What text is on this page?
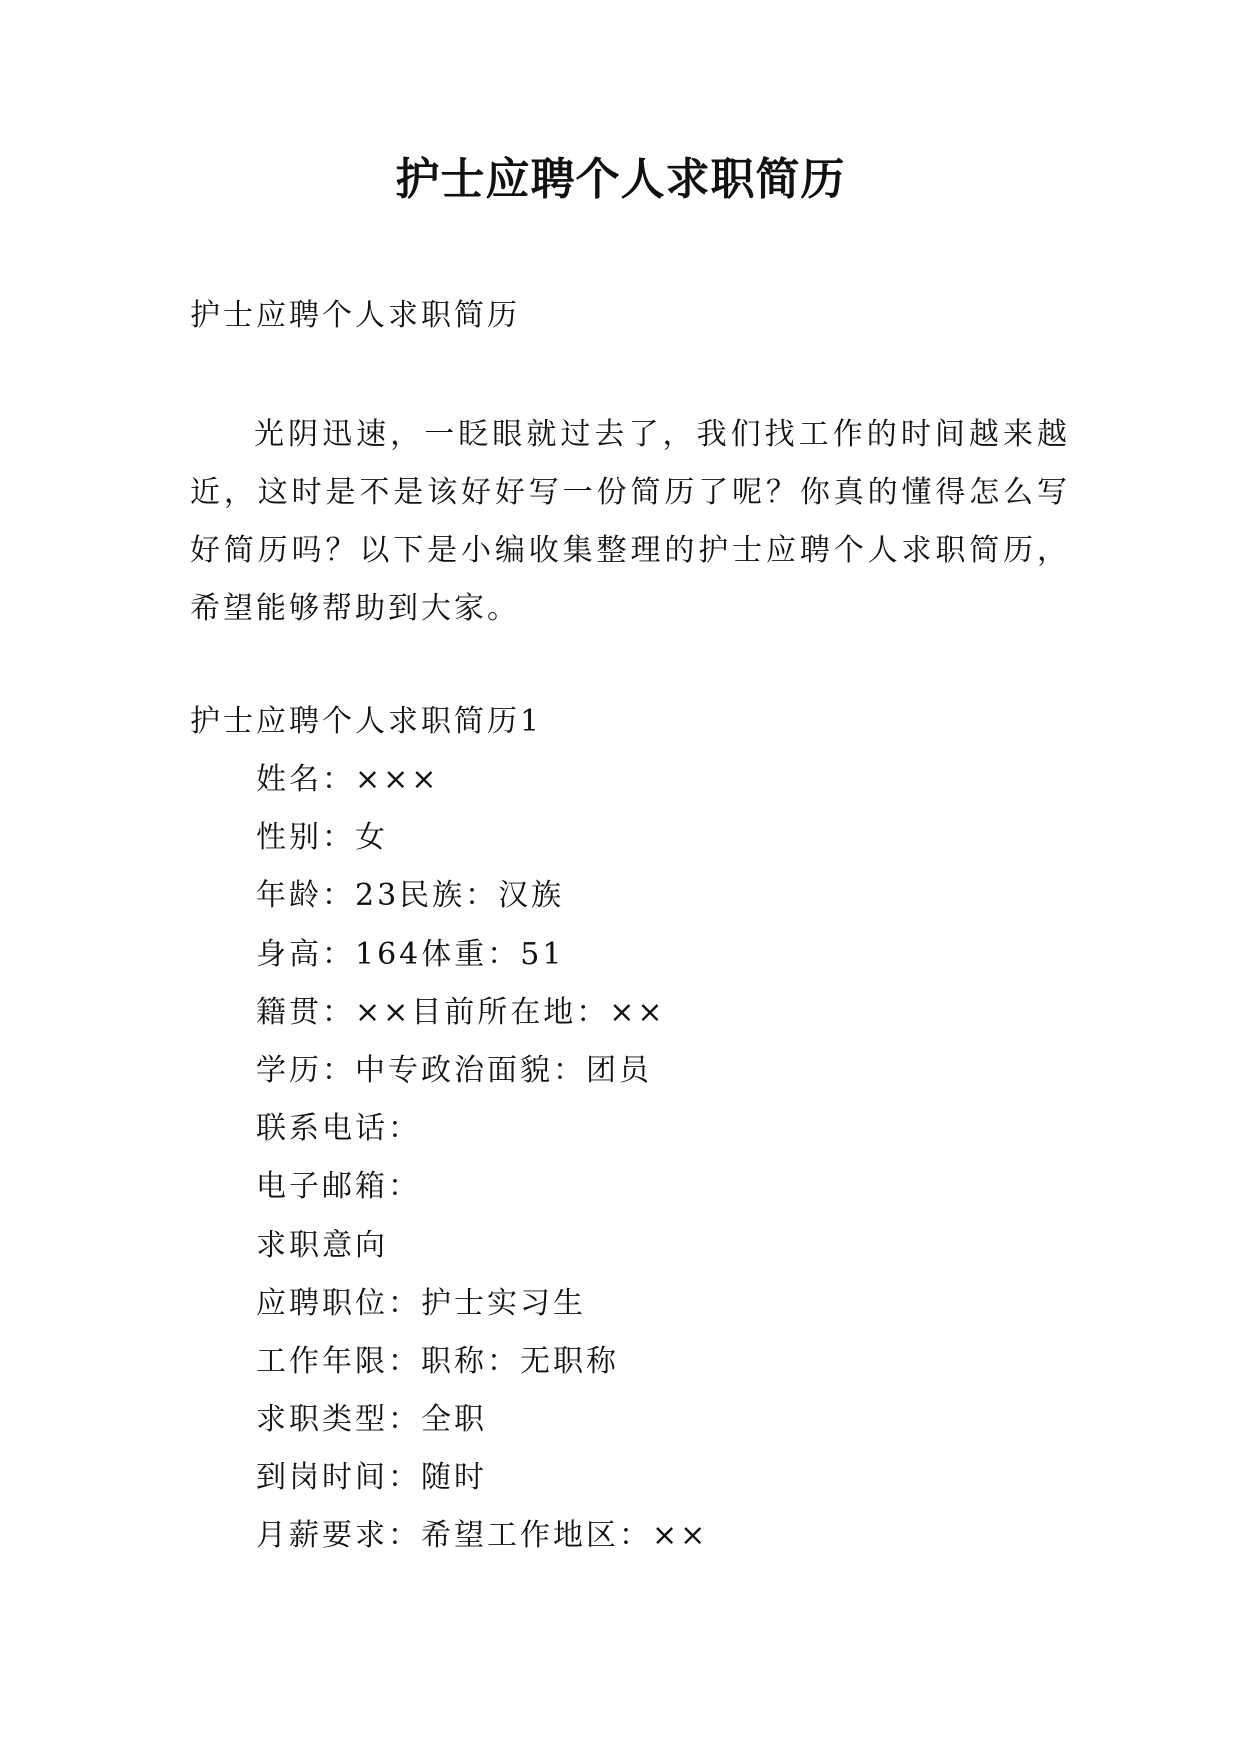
护士应聘个人求职简历
护士应聘个人求职简历
光阴迅速，一眨眼就过去了，我们找工作的时间越来越近，这时是不是该好好写一份简历了呢？你真的懂得怎么写好简历吗？以下是小编收集整理的护士应聘个人求职简历，希望能够帮助到大家。
护士应聘个人求职简历1
姓名：×××
性别：女
年龄：23民族：汉族
身高：164体重：51
籍贯：××目前所在地：××
学历：中专政治面貌：团员
联系电话：
电子邮箱：
求职意向
应聘职位：护士实习生
工作年限：职称：无职称
求职类型：全职
到岗时间：随时
月薪要求：希望工作地区：××
